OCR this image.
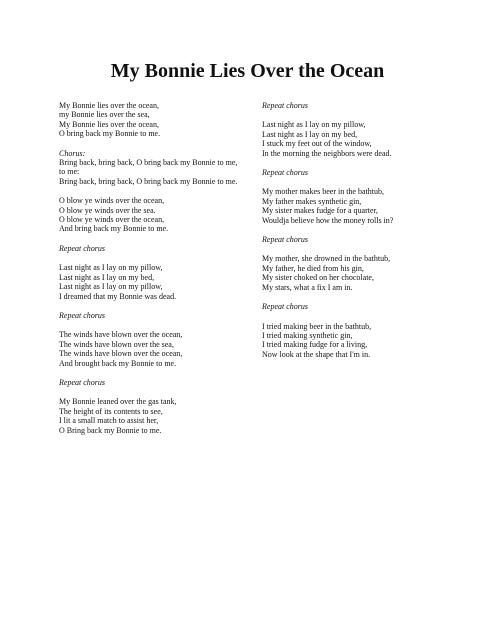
My Bonnie Lies Over the Ocean
My Bonnie lies over the ocean,
my Bonnie lies over the sea,
My Bonnie lies over the ocean,
O bring back my Bonnie to me.
Chorus:
Bring back, bring back, O bring back my Bonnie to me, to me:
Bring back, bring back, O bring back my Bonnie to me.
O blow ye winds over the ocean,
O blow ye winds over the sea.
O blow ye winds over the ocean,
And bring back my Bonnie to me.
Repeat chorus
Last night as I lay on my pillow,
Last night as I lay on my bed,
Last night as I lay on my pillow,
I dreamed that my Bonnie was dead.
Repeat chorus
The winds have blown over the ocean,
The winds have blown over the sea,
The winds have blown over the ocean,
And brought back my Bonnie to me.
Repeat chorus
My Bonnie leaned over the gas tank,
The height of its contents to see,
I lit a small match to assist her,
O Bring back my Bonnie to me.
Repeat chorus
Last night as I lay on my pillow,
Last night as I lay on my bed,
I stuck my feet out of the window,
In the morning the neighbors were dead.
Repeat chorus
My mother makes beer in the bathtub,
My father makes synthetic gin,
My sister makes fudge for a quarter,
Wouldja believe how the money rolls in?
Repeat chorus
My mother, she drowned in the bathtub,
My father, he died from his gin,
My sister choked on her chocolate,
My stars, what a fix I am in.
Repeat chorus
I tried making beer in the bathtub,
I tried making synthetic gin,
I tried making fudge for a living,
Now look at the shape that I'm in.
